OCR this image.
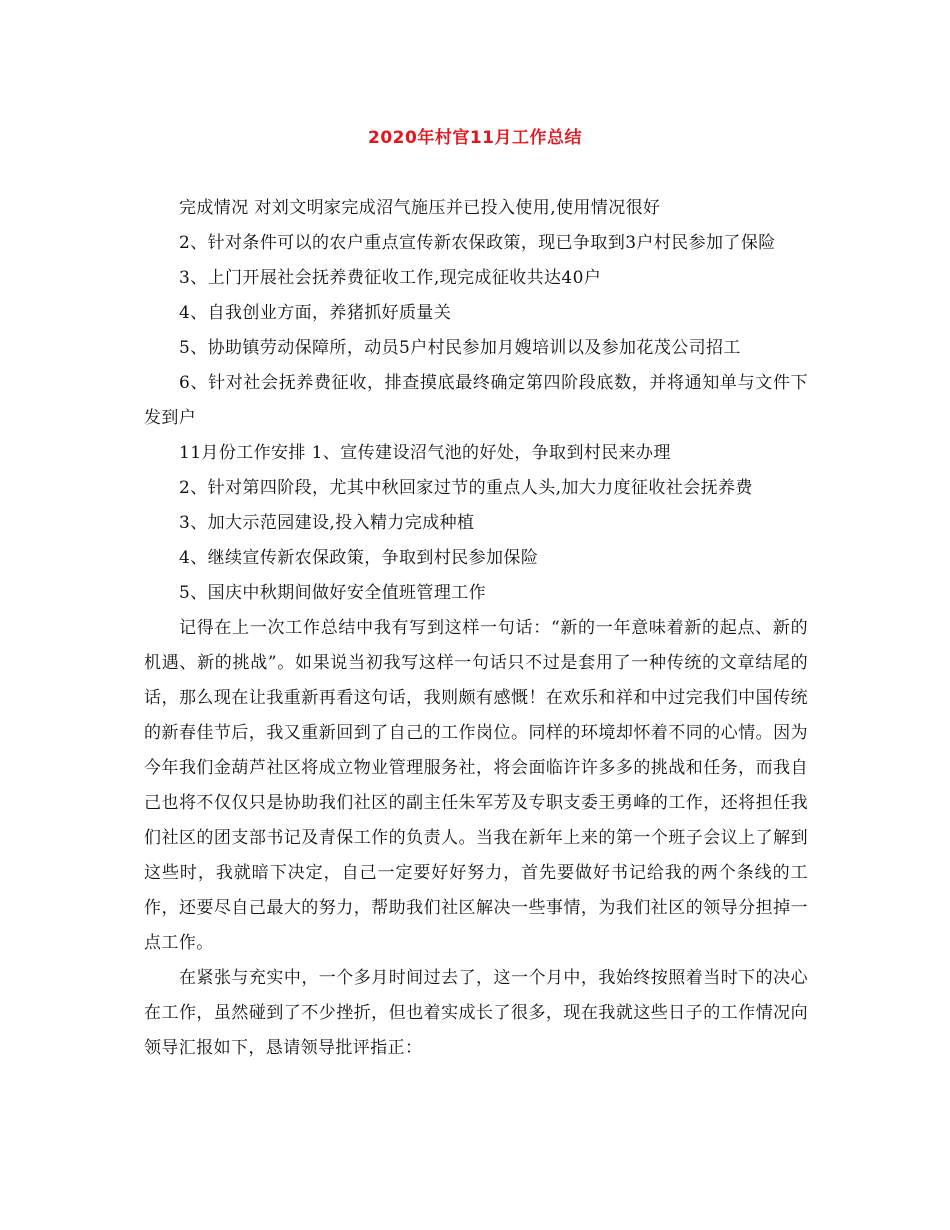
2020年村官11月工作总结

完成情况 对刘文明家完成沼气施压并已投入使用,使用情况很好

2、针对条件可以的农户重点宣传新农保政策，现已争取到3户村民参加了保险

3、上门开展社会抚养费征收工作,现完成征收共达40户

4、自我创业方面，养猪抓好质量关

5、协助镇劳动保障所，动员5户村民参加月嫂培训以及参加花茂公司招工

6、针对社会抚养费征收，排查摸底最终确定第四阶段底数，并将通知单与文件下发到户

11月份工作安排 1、宣传建设沼气池的好处，争取到村民来办理

2、针对第四阶段，尤其中秋回家过节的重点人头,加大力度征收社会抚养费

3、加大示范园建设,投入精力完成种植

4、继续宣传新农保政策，争取到村民参加保险

5、国庆中秋期间做好安全值班管理工作

记得在上一次工作总结中我有写到这样一句话：“新的一年意味着新的起点、新的机遇、新的挑战”。如果说当初我写这样一句话只不过是套用了一种传统的文章结尾的话，那么现在让我重新再看这句话，我则颇有感慨！在欢乐和祥和中过完我们中国传统的新春佳节后，我又重新回到了自己的工作岗位。同样的环境却怀着不同的心情。因为今年我们金葫芦社区将成立物业管理服务社，将会面临许许多多的挑战和任务，而我自己也将不仅仅只是协助我们社区的副主任朱军芳及专职支委王勇峰的工作，还将担任我们社区的团支部书记及青保工作的负责人。当我在新年上来的第一个班子会议上了解到这些时，我就暗下决定，自己一定要好好努力，首先要做好书记给我的两个条线的工作，还要尽自己最大的努力，帮助我们社区解决一些事情，为我们社区的领导分担掉一点工作。

在紧张与充实中，一个多月时间过去了，这一个月中，我始终按照着当时下的决心在工作，虽然碰到了不少挫折，但也着实成长了很多，现在我就这些日子的工作情况向领导汇报如下，恳请领导批评指正：
